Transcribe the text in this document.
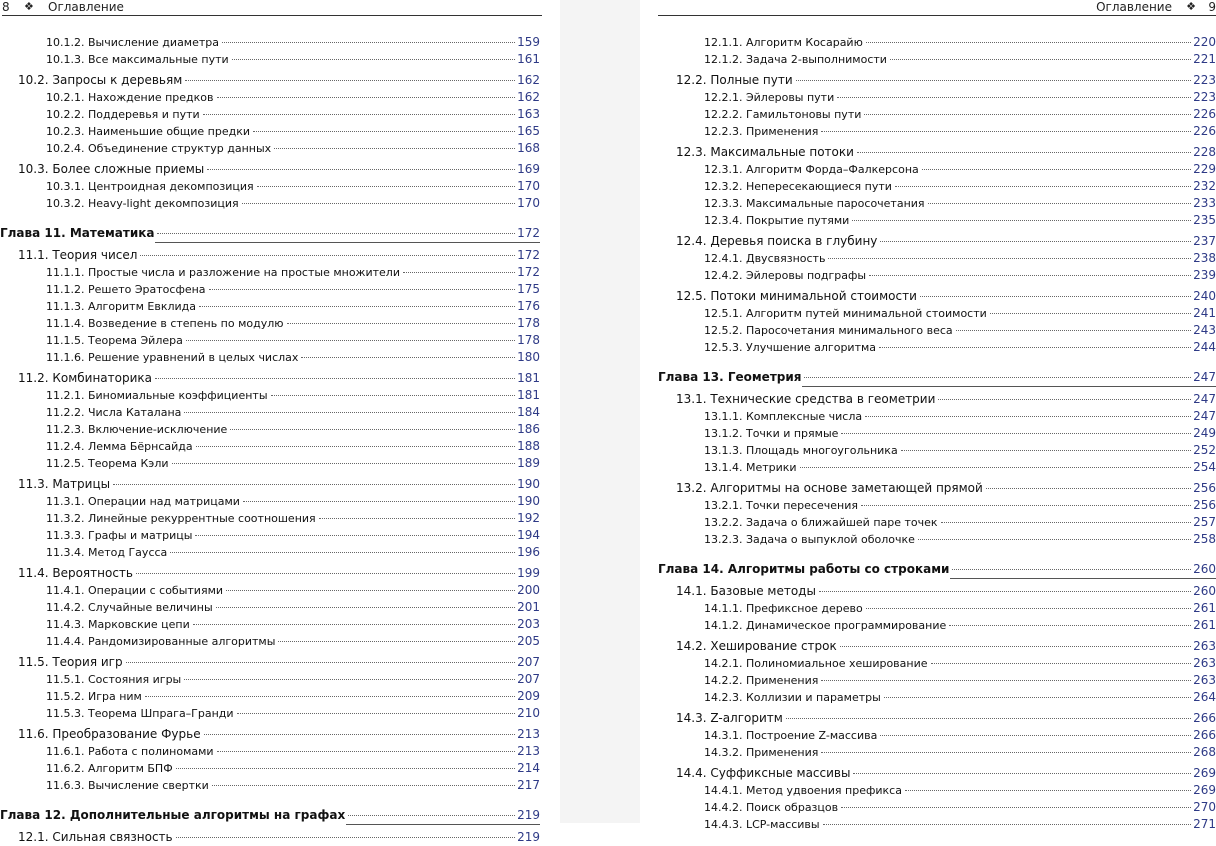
8 ❖ Оглавление
10.1.2. Вычисление диаметра	159
10.1.3. Все максимальные пути	161
10.2. Запросы к деревьям	162
10.2.1. Нахождение предков	162
10.2.2. Поддеревья и пути	163
10.2.3. Наименьшие общие предки	165
10.2.4. Объединение структур данных	168
10.3. Более сложные приемы	169
10.3.1. Центроидная декомпозиция	170
10.3.2. Heavy-light декомпозиция	170
Глава 11. Математика	172
11.1. Теория чисел	172
11.1.1. Простые числа и разложение на простые множители	172
11.1.2. Решето Эратосфена	175
11.1.3. Алгоритм Евклида	176
11.1.4. Возведение в степень по модулю	178
11.1.5. Теорема Эйлера	178
11.1.6. Решение уравнений в целых числах	180
11.2. Комбинаторика	181
11.2.1. Биномиальные коэффициенты	181
11.2.2. Числа Каталана	184
11.2.3. Включение-исключение	186
11.2.4. Лемма Бёрнсайда	188
11.2.5. Теорема Кэли	189
11.3. Матрицы	190
11.3.1. Операции над матрицами	190
11.3.2. Линейные рекуррентные соотношения	192
11.3.3. Графы и матрицы	194
11.3.4. Метод Гаусса	196
11.4. Вероятность	199
11.4.1. Операции с событиями	200
11.4.2. Случайные величины	201
11.4.3. Марковские цепи	203
11.4.4. Рандомизированные алгоритмы	205
11.5. Теория игр	207
11.5.1. Состояния игры	207
11.5.2. Игра ним	209
11.5.3. Теорема Шпрага–Гранди	210
11.6. Преобразование Фурье	213
11.6.1. Работа с полиномами	213
11.6.2. Алгоритм БПФ	214
11.6.3. Вычисление свертки	217
Глава 12. Дополнительные алгоритмы на графах	219
12.1. Сильная связность	219
Оглавление ❖ 9
12.1.1. Алгоритм Косарайю	220
12.1.2. Задача 2-выполнимости	221
12.2. Полные пути	223
12.2.1. Эйлеровы пути	223
12.2.2. Гамильтоновы пути	226
12.2.3. Применения	226
12.3. Максимальные потоки	228
12.3.1. Алгоритм Форда–Фалкерсона	229
12.3.2. Непересекающиеся пути	232
12.3.3. Максимальные паросочетания	233
12.3.4. Покрытие путями	235
12.4. Деревья поиска в глубину	237
12.4.1. Двусвязность	238
12.4.2. Эйлеровы подграфы	239
12.5. Потоки минимальной стоимости	240
12.5.1. Алгоритм путей минимальной стоимости	241
12.5.2. Паросочетания минимального веса	243
12.5.3. Улучшение алгоритма	244
Глава 13. Геометрия	247
13.1. Технические средства в геометрии	247
13.1.1. Комплексные числа	247
13.1.2. Точки и прямые	249
13.1.3. Площадь многоугольника	252
13.1.4. Метрики	254
13.2. Алгоритмы на основе заметающей прямой	256
13.2.1. Точки пересечения	256
13.2.2. Задача о ближайшей паре точек	257
13.2.3. Задача о выпуклой оболочке	258
Глава 14. Алгоритмы работы со строками	260
14.1. Базовые методы	260
14.1.1. Префиксное дерево	261
14.1.2. Динамическое программирование	261
14.2. Хеширование строк	263
14.2.1. Полиномиальное хеширование	263
14.2.2. Применения	263
14.2.3. Коллизии и параметры	264
14.3. Z-алгоритм	266
14.3.1. Построение Z-массива	266
14.3.2. Применения	268
14.4. Суффиксные массивы	269
14.4.1. Метод удвоения префикса	269
14.4.2. Поиск образцов	270
14.4.3. LCP-массивы	271
